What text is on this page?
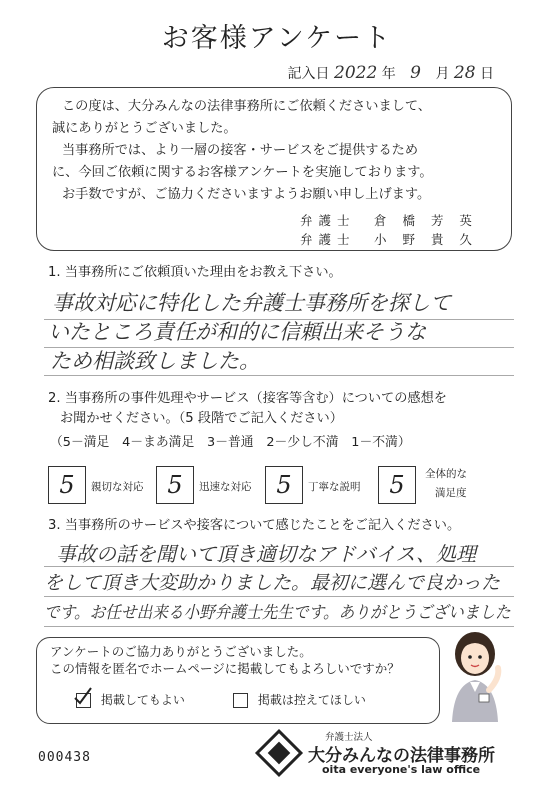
お客様アンケート
記入日 2022 年 9 月 28 日
この度は、大分みんなの法律事務所にご依頼くださいまして、
誠にありがとうございました。
当事務所では、より一層の接客・サービスをご提供するため
に、今回ご依頼に関するお客様アンケートを実施しております。
お手数ですが、ご協力くださいますようお願い申し上げます。
弁護士　倉 橋 芳 英
弁護士　小 野 貴 久
1. 当事務所にご依頼頂いた理由をお教え下さい。
事故対応に特化した弁護士事務所を探して
いたところ責任が和的に信頼出来そうな
ため相談致しました。
2. 当事務所の事件処理やサービス（接客等含む）についての感想を
お聞かせください。（5 段階でご記入ください）
（5－満足　4－まあ満足　3－普通　2－少し不満　1－不満）
5	親切な対応 5	迅速な対応	5	丁寧な説明	5	全体的な
満足度
3. 当事務所のサービスや接客について感じたことをご記入ください。
事故の話を聞いて頂き適切なアドバイス、処理
をして頂き大変助かりました。最初に選んで良かった
です。お任せ出来る小野弁護士先生です。ありがとうございました
アンケートのご協力ありがとうございました。
この情報を匿名でホームページに掲載してもよろしいですか？
掲載してもよい	掲載は控えてほしい
000438
弁護士法人
大分みんなの法律事務所
oita everyone's law office
